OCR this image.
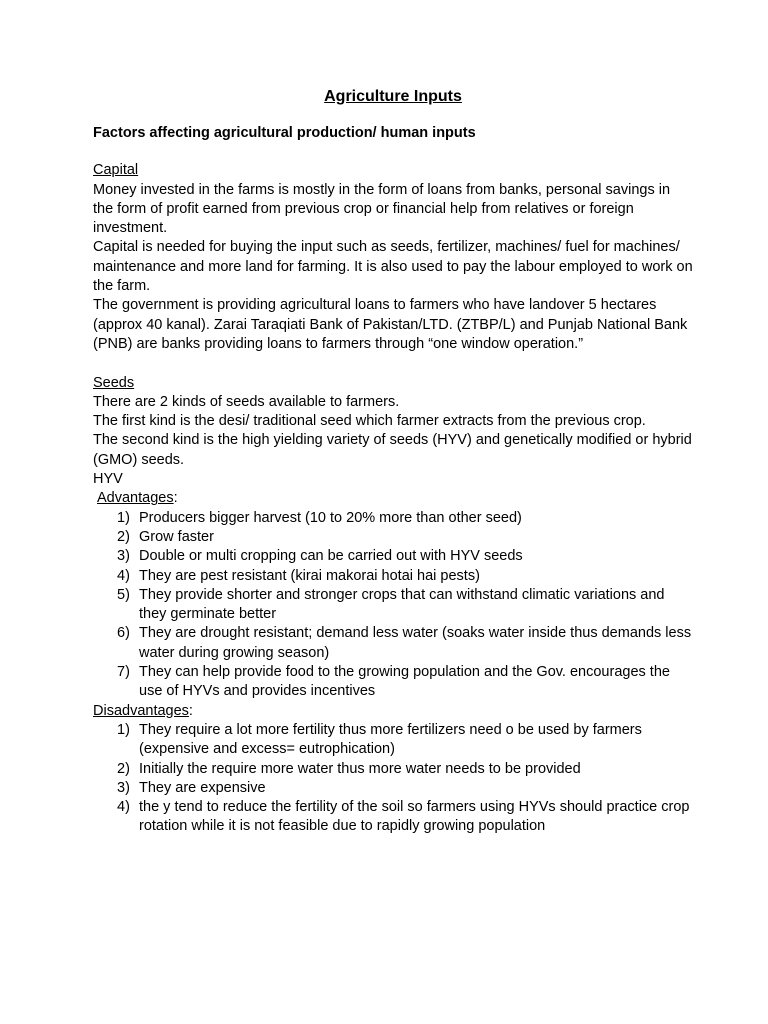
Agriculture Inputs
Factors affecting agricultural production/ human inputs
Capital
Money invested in the farms is mostly in the form of loans from banks, personal savings in the form of profit earned from previous crop or financial help from relatives or foreign investment.
Capital is needed for buying the input such as seeds, fertilizer, machines/ fuel for machines/ maintenance and more land for farming. It is also used to pay the labour employed to work on the farm.
The government is providing agricultural loans to farmers who have landover 5 hectares (approx 40 kanal). Zarai Taraqiati Bank of Pakistan/LTD. (ZTBP/L) and Punjab National Bank (PNB) are banks providing loans to farmers through “one window operation.”
Seeds
There are 2 kinds of seeds available to farmers.
The first kind is the desi/ traditional seed which farmer extracts from the previous crop.
The second kind is the high yielding variety of seeds (HYV) and genetically modified or hybrid (GMO) seeds.
HYV
Advantages:
1) Producers bigger harvest (10 to 20% more than other seed)
2) Grow faster
3) Double or multi cropping can be carried out with HYV seeds
4) They are pest resistant (kirai makorai hotai hai pests)
5) They provide shorter and stronger crops that can withstand climatic variations and they germinate better
6) They are drought resistant; demand less water (soaks water inside thus demands less water during growing season)
7) They can help provide food to the growing population and the Gov. encourages the use of HYVs and provides incentives
Disadvantages:
1) They require a lot more fertility thus more fertilizers need o be used by farmers (expensive and excess= eutrophication)
2) Initially the require more water thus more water needs to be provided
3) They are expensive
4) the y tend to reduce the fertility of the soil so farmers using HYVs should practice crop rotation while it is not feasible due to rapidly growing population
